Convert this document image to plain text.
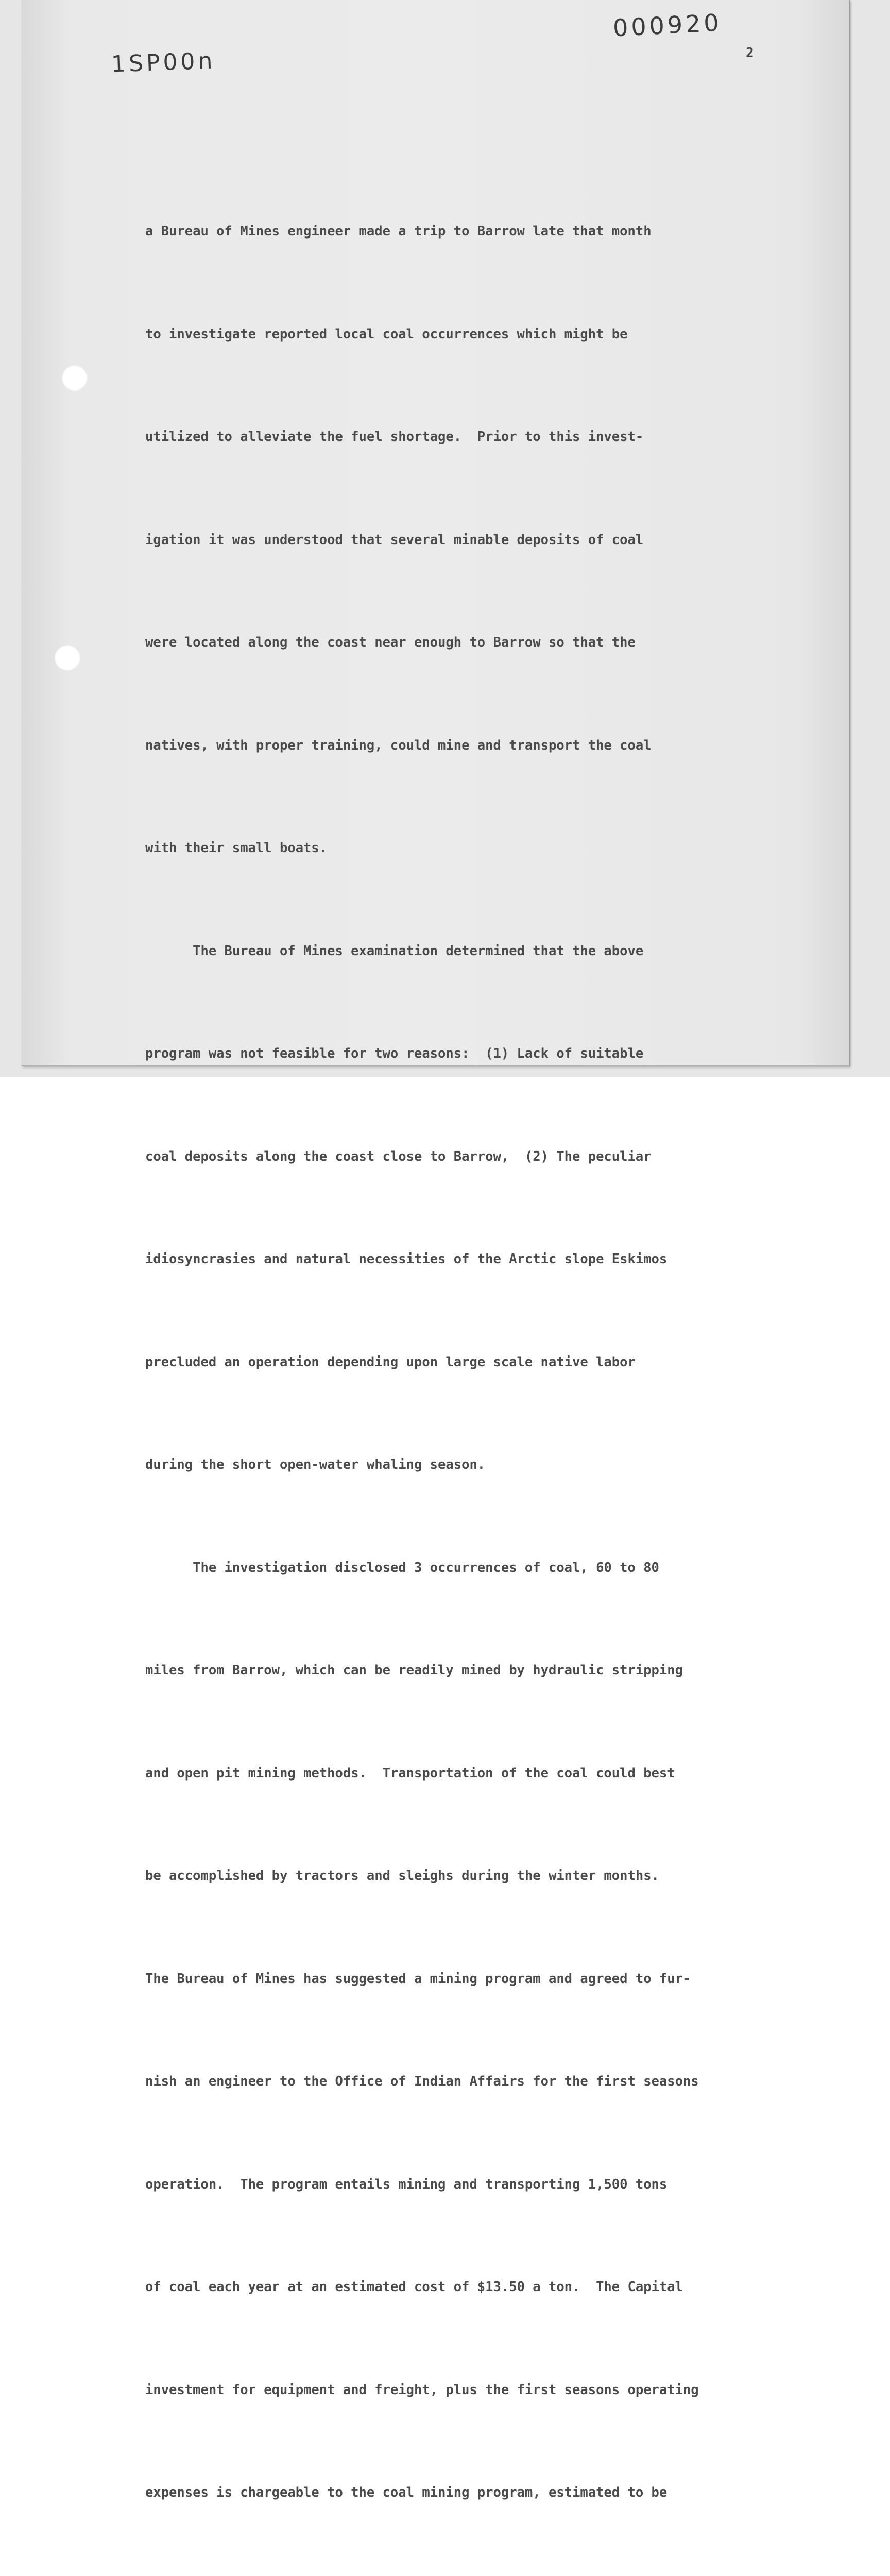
000920
1SP00n	2

a Bureau of Mines engineer made a trip to Barrow late that month

to investigate reported local coal occurrences which might be

utilized to alleviate the fuel shortage.  Prior to this invest-

igation it was understood that several minable deposits of coal

were located along the coast near enough to Barrow so that the

natives, with proper training, could mine and transport the coal

with their small boats.

The Bureau of Mines examination determined that the above

program was not feasible for two reasons:  (1) Lack of suitable

coal deposits along the coast close to Barrow,  (2) The peculiar

idiosyncrasies and natural necessities of the Arctic slope Eskimos

precluded an operation depending upon large scale native labor

during the short open-water whaling season.

The investigation disclosed 3 occurrences of coal, 60 to 80

miles from Barrow, which can be readily mined by hydraulic stripping

and open pit mining methods.  Transportation of the coal could best

be accomplished by tractors and sleighs during the winter months.

The Bureau of Mines has suggested a mining program and agreed to fur-

nish an engineer to the Office of Indian Affairs for the first seasons

operation.  The program entails mining and transporting 1,500 tons

of coal each year at an estimated cost of $13.50 a ton.  The Capital

investment for equipment and freight, plus the first seasons operating

expenses is chargeable to the coal mining program, estimated to be
